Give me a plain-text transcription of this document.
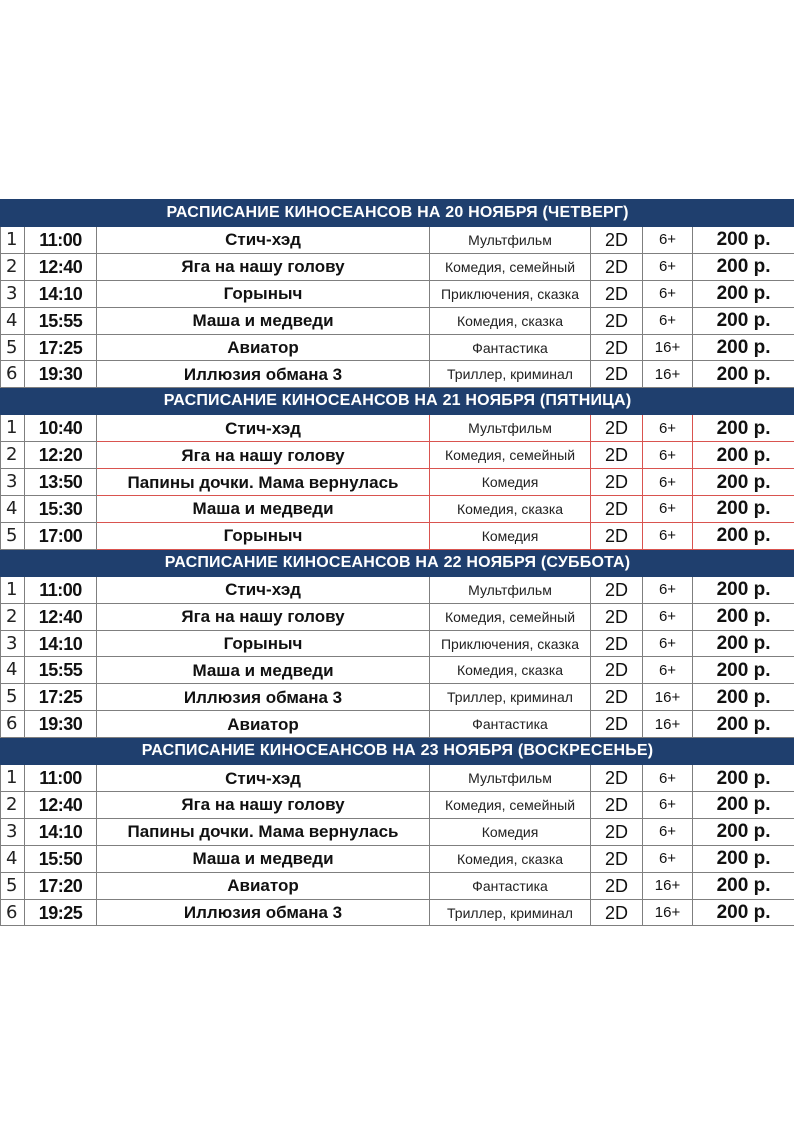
РАСПИСАНИЕ КИНОСЕАНСОВ НА 20 НОЯБРЯ (ЧЕТВЕРГ)						
1	11:00	Стич-хэд	Мультфильм	2D	6+	200 р.
2	12:40	Яга на нашу голову	Комедия, семейный	2D	6+	200 р.
3	14:10	Горыныч	Приключения, сказка	2D	6+	200 р.
4	15:55	Маша и медведи	Комедия, сказка	2D	6+	200 р.
5	17:25	Авиатор	Фантастика	2D	16+	200 р.
6	19:30	Иллюзия обмана 3	Триллер, криминал	2D	16+	200 р.
РАСПИСАНИЕ КИНОСЕАНСОВ НА 21 НОЯБРЯ (ПЯТНИЦА)						
1	10:40	Стич-хэд	Мультфильм	2D	6+	200 р.
2	12:20	Яга на нашу голову	Комедия, семейный	2D	6+	200 р.
3	13:50	Папины дочки. Мама вернулась	Комедия	2D	6+	200 р.
4	15:30	Маша и медведи	Комедия, сказка	2D	6+	200 р.
5	17:00	Горыныч	Комедия	2D	6+	200 р.
РАСПИСАНИЕ КИНОСЕАНСОВ НА 22 НОЯБРЯ (СУББОТА)						
1	11:00	Стич-хэд	Мультфильм	2D	6+	200 р.
2	12:40	Яга на нашу голову	Комедия, семейный	2D	6+	200 р.
3	14:10	Горыныч	Приключения, сказка	2D	6+	200 р.
4	15:55	Маша и медведи	Комедия, сказка	2D	6+	200 р.
5	17:25	Иллюзия обмана 3	Триллер, криминал	2D	16+	200 р.
6	19:30	Авиатор	Фантастика	2D	16+	200 р.
РАСПИСАНИЕ КИНОСЕАНСОВ НА 23 НОЯБРЯ (ВОСКРЕСЕНЬЕ)						
1	11:00	Стич-хэд	Мультфильм	2D	6+	200 р.
2	12:40	Яга на нашу голову	Комедия, семейный	2D	6+	200 р.
3	14:10	Папины дочки. Мама вернулась	Комедия	2D	6+	200 р.
4	15:50	Маша и медведи	Комедия, сказка	2D	6+	200 р.
5	17:20	Авиатор	Фантастика	2D	16+	200 р.
6	19:25	Иллюзия обмана 3	Триллер, криминал	2D	16+	200 р.
